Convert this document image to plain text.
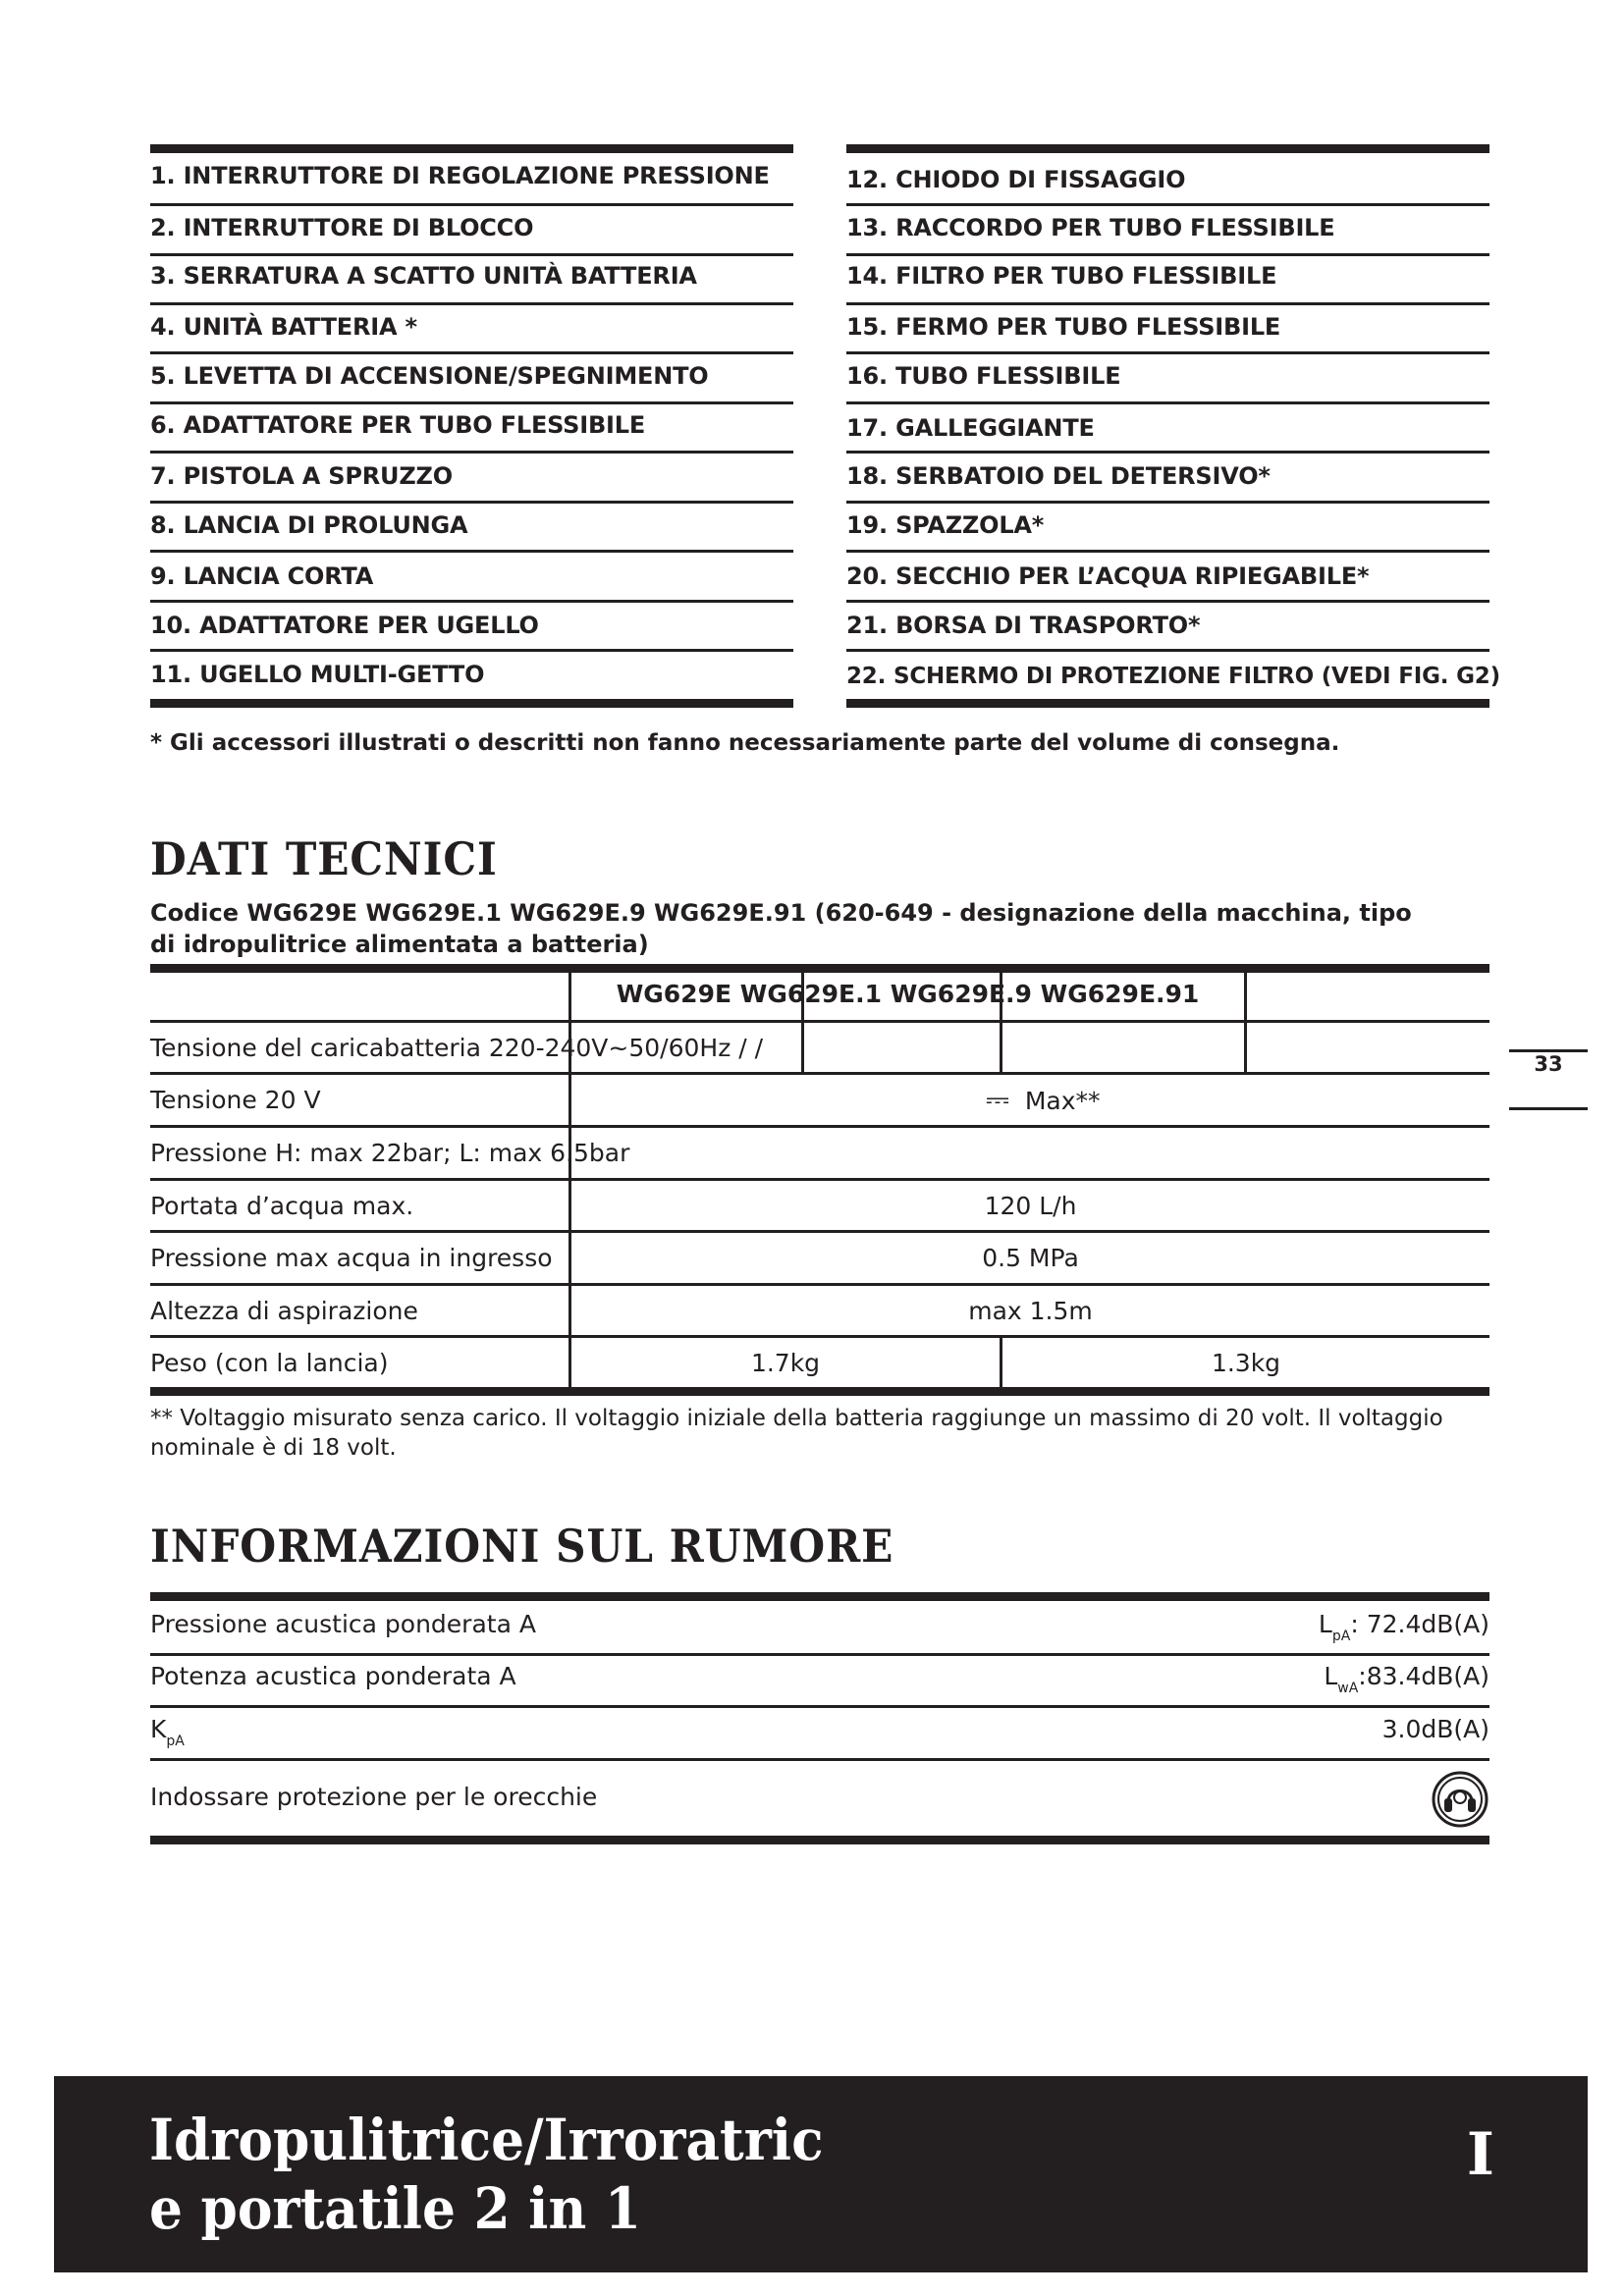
1. INTERRUTTORE DI REGOLAZIONE PRESSIONE
2. INTERRUTTORE DI BLOCCO
3. SERRATURA A SCATTO UNITÀ BATTERIA
4. UNITÀ BATTERIA *
5. LEVETTA DI ACCENSIONE/SPEGNIMENTO
6. ADATTATORE PER TUBO FLESSIBILE
7. PISTOLA A SPRUZZO
8. LANCIA DI PROLUNGA
9. LANCIA CORTA
10. ADATTATORE PER UGELLO
11. UGELLO MULTI-GETTO
12. CHIODO DI FISSAGGIO
13. RACCORDO PER TUBO FLESSIBILE
14. FILTRO PER TUBO FLESSIBILE
15. FERMO PER TUBO FLESSIBILE
16. TUBO FLESSIBILE
17. GALLEGGIANTE
18. SERBATOIO DEL DETERSIVO*
19. SPAZZOLA*
20. SECCHIO PER L’ACQUA RIPIEGABILE*
21. BORSA DI TRASPORTO*
22. SCHERMO DI PROTEZIONE FILTRO (VEDI FIG. G2)
* Gli accessori illustrati o descritti non fanno necessariamente parte del volume di consegna.
DATI TECNICI
Codice WG629E WG629E.1 WG629E.9 WG629E.91 (620-649 - designazione della macchina, tipo
di idropulitrice alimentata a batteria)
WG629E WG629E.1 WG629E.9 WG629E.91
Tensione del caricabatteria 220-240V~50/60Hz / /
Tensione 20 V	⎓ Max**
Pressione H: max 22bar; L: max 6.5bar
Portata d’acqua max.	120 L/h
Pressione max acqua in ingresso	0.5 MPa
Altezza di aspirazione	max 1.5m
Peso (con la lancia)	1.7kg	1.3kg
** Voltaggio misurato senza carico. Il voltaggio iniziale della batteria raggiunge un massimo di 20 volt. Il voltaggio nominale è di 18 volt.
33
INFORMAZIONI SUL RUMORE
Pressione acustica ponderata A	$L_{pA}$: 72.4dB(A)
Potenza acustica ponderata A	$L_{wA}:83.4dB(A)$
$K_{pA}$	3.0dB(A)
Indossare protezione per le orecchie
Idropulitrice/Irroratric
e portatile 2 in 1
I
